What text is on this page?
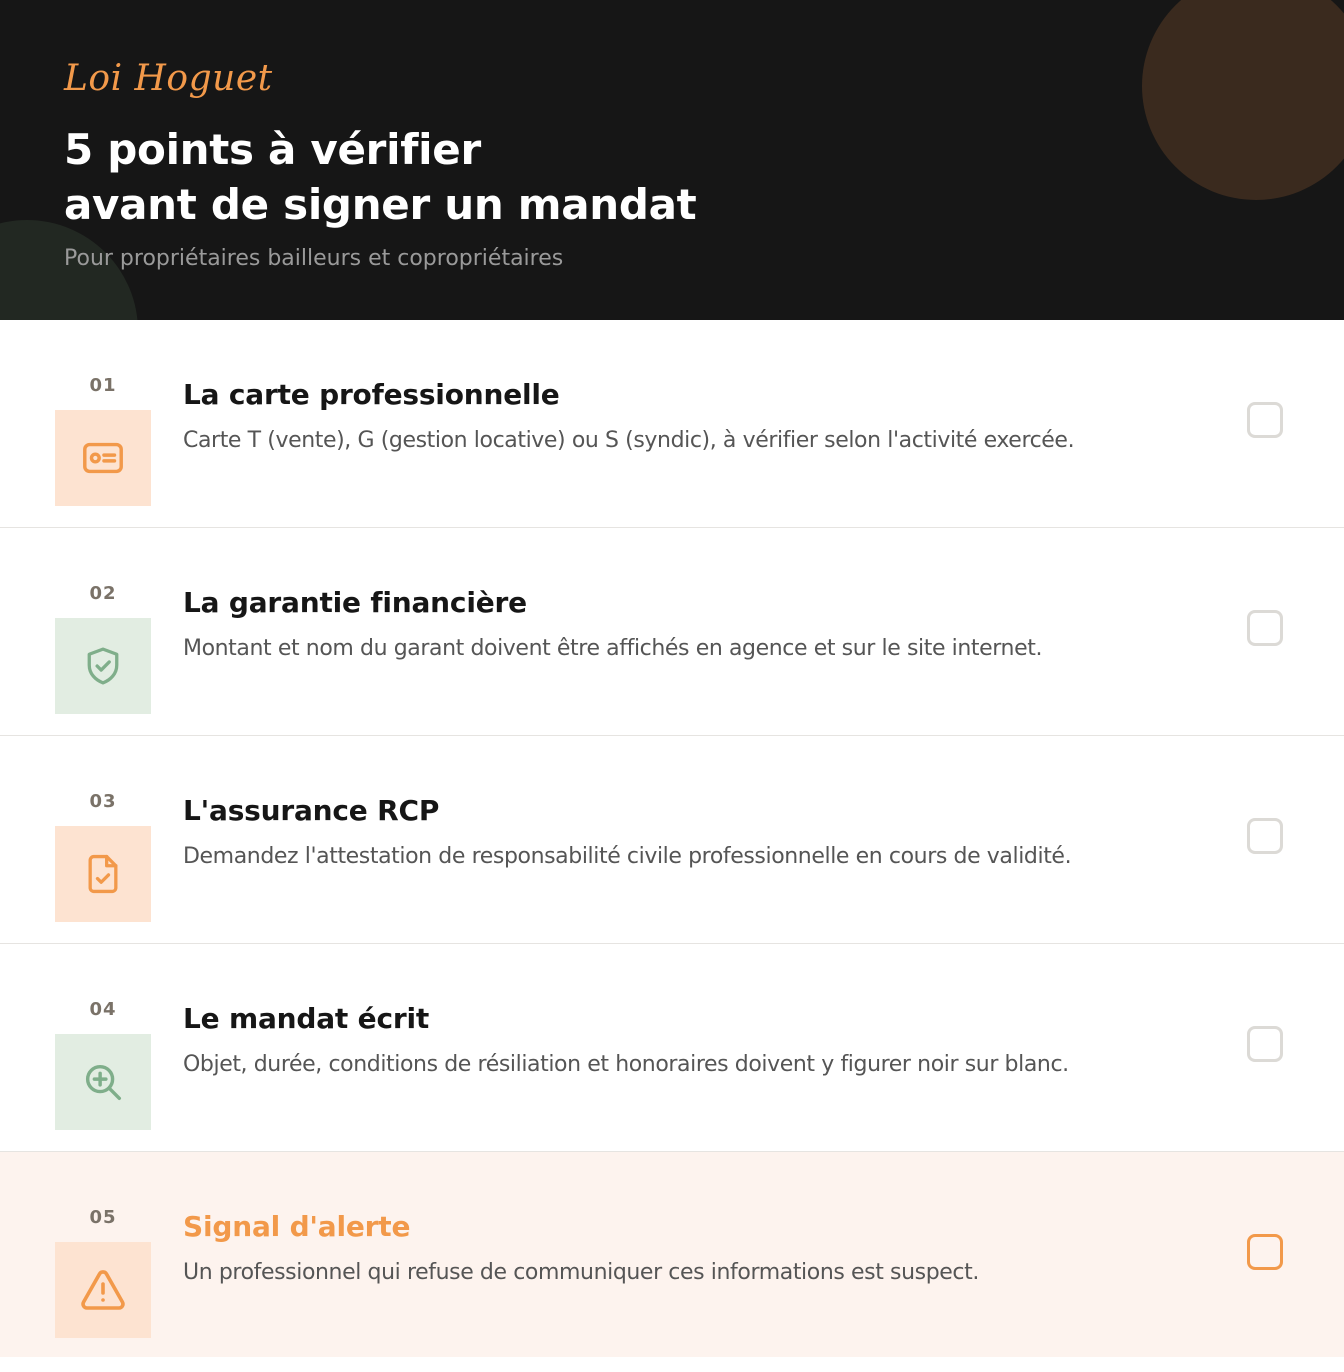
Loi Hoguet
5 points à vérifier
avant de signer un mandat
Pour propriétaires bailleurs et copropriétaires
01	La carte professionnelle
Carte T (vente), G (gestion locative) ou S (syndic), à vérifier selon l'activité exercée.
02	La garantie financière
Montant et nom du garant doivent être affichés en agence et sur le site internet.
03	L'assurance RCP
Demandez l'attestation de responsabilité civile professionnelle en cours de validité.
04	Le mandat écrit
Objet, durée, conditions de résiliation et honoraires doivent y figurer noir sur blanc.
05	Signal d'alerte
Un professionnel qui refuse de communiquer ces informations est suspect.
